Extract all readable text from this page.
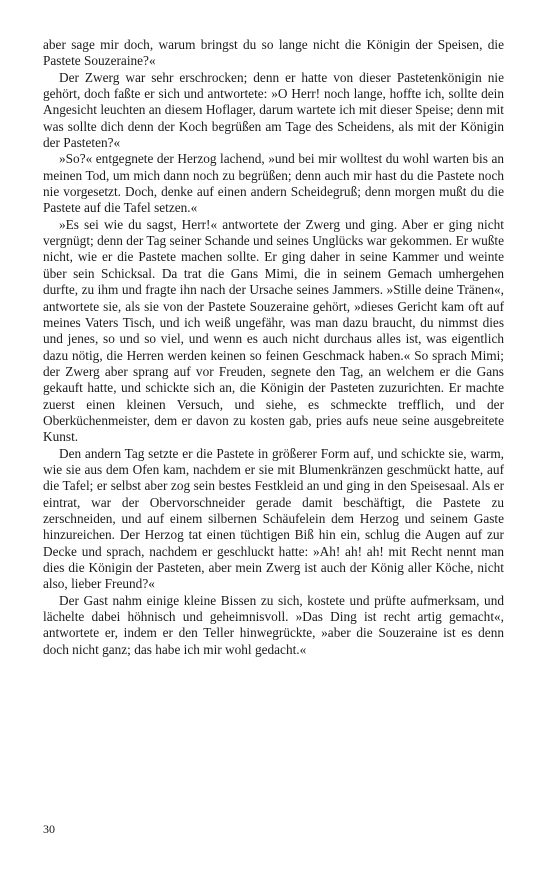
aber sage mir doch, warum bringst du so lange nicht die Königin der Speisen, die Pastete Souzeraine?«

Der Zwerg war sehr erschrocken; denn er hatte von dieser Pastetenkönigin nie gehört, doch faßte er sich und antwortete: »O Herr! noch lange, hoffte ich, sollte dein Angesicht leuchten an diesem Hoflager, darum wartete ich mit dieser Speise; denn mit was sollte dich denn der Koch begrüßen am Tage des Scheidens, als mit der Königin der Pasteten?«

»So?« entgegnete der Herzog lachend, »und bei mir wolltest du wohl warten bis an meinen Tod, um mich dann noch zu begrüßen; denn auch mir hast du die Pastete noch nie vorgesetzt. Doch, denke auf einen andern Scheidegruß; denn morgen mußt du die Pastete auf die Tafel setzen.«

»Es sei wie du sagst, Herr!« antwortete der Zwerg und ging. Aber er ging nicht vergnügt; denn der Tag seiner Schande und seines Unglücks war gekommen. Er wußte nicht, wie er die Pastete machen sollte. Er ging daher in seine Kammer und weinte über sein Schicksal. Da trat die Gans Mimi, die in seinem Gemach umhergehen durfte, zu ihm und fragte ihn nach der Ursache seines Jammers. »Stille deine Tränen«, antwortete sie, als sie von der Pastete Souzeraine gehört, »dieses Gericht kam oft auf meines Vaters Tisch, und ich weiß ungefähr, was man dazu braucht, du nimmst dies und jenes, so und so viel, und wenn es auch nicht durchaus alles ist, was eigentlich dazu nötig, die Herren werden keinen so feinen Geschmack haben.« So sprach Mimi; der Zwerg aber sprang auf vor Freuden, segnete den Tag, an welchem er die Gans gekauft hatte, und schickte sich an, die Königin der Pasteten zuzurichten. Er machte zuerst einen kleinen Versuch, und siehe, es schmeckte trefflich, und der Oberküchenmeister, dem er davon zu kosten gab, pries aufs neue seine ausgebreitete Kunst.

Den andern Tag setzte er die Pastete in größerer Form auf, und schickte sie, warm, wie sie aus dem Ofen kam, nachdem er sie mit Blumenkränzen geschmückt hatte, auf die Tafel; er selbst aber zog sein bestes Festkleid an und ging in den Speisesaal. Als er eintrat, war der Obervorschneider gerade damit beschäftigt, die Pastete zu zerschneiden, und auf einem silbernen Schäufelein dem Herzog und seinem Gaste hinzureichen. Der Herzog tat einen tüchtigen Biß hin ein, schlug die Augen auf zur Decke und sprach, nachdem er geschluckt hatte: »Ah! ah! ah! mit Recht nennt man dies die Königin der Pasteten, aber mein Zwerg ist auch der König aller Köche, nicht also, lieber Freund?«

Der Gast nahm einige kleine Bissen zu sich, kostete und prüfte aufmerksam, und lächelte dabei höhnisch und geheimnisvoll. »Das Ding ist recht artig gemacht«, antwortete er, indem er den Teller hinwegrückte, »aber die Souzeraine ist es denn doch nicht ganz; das habe ich mir wohl gedacht.«

30
